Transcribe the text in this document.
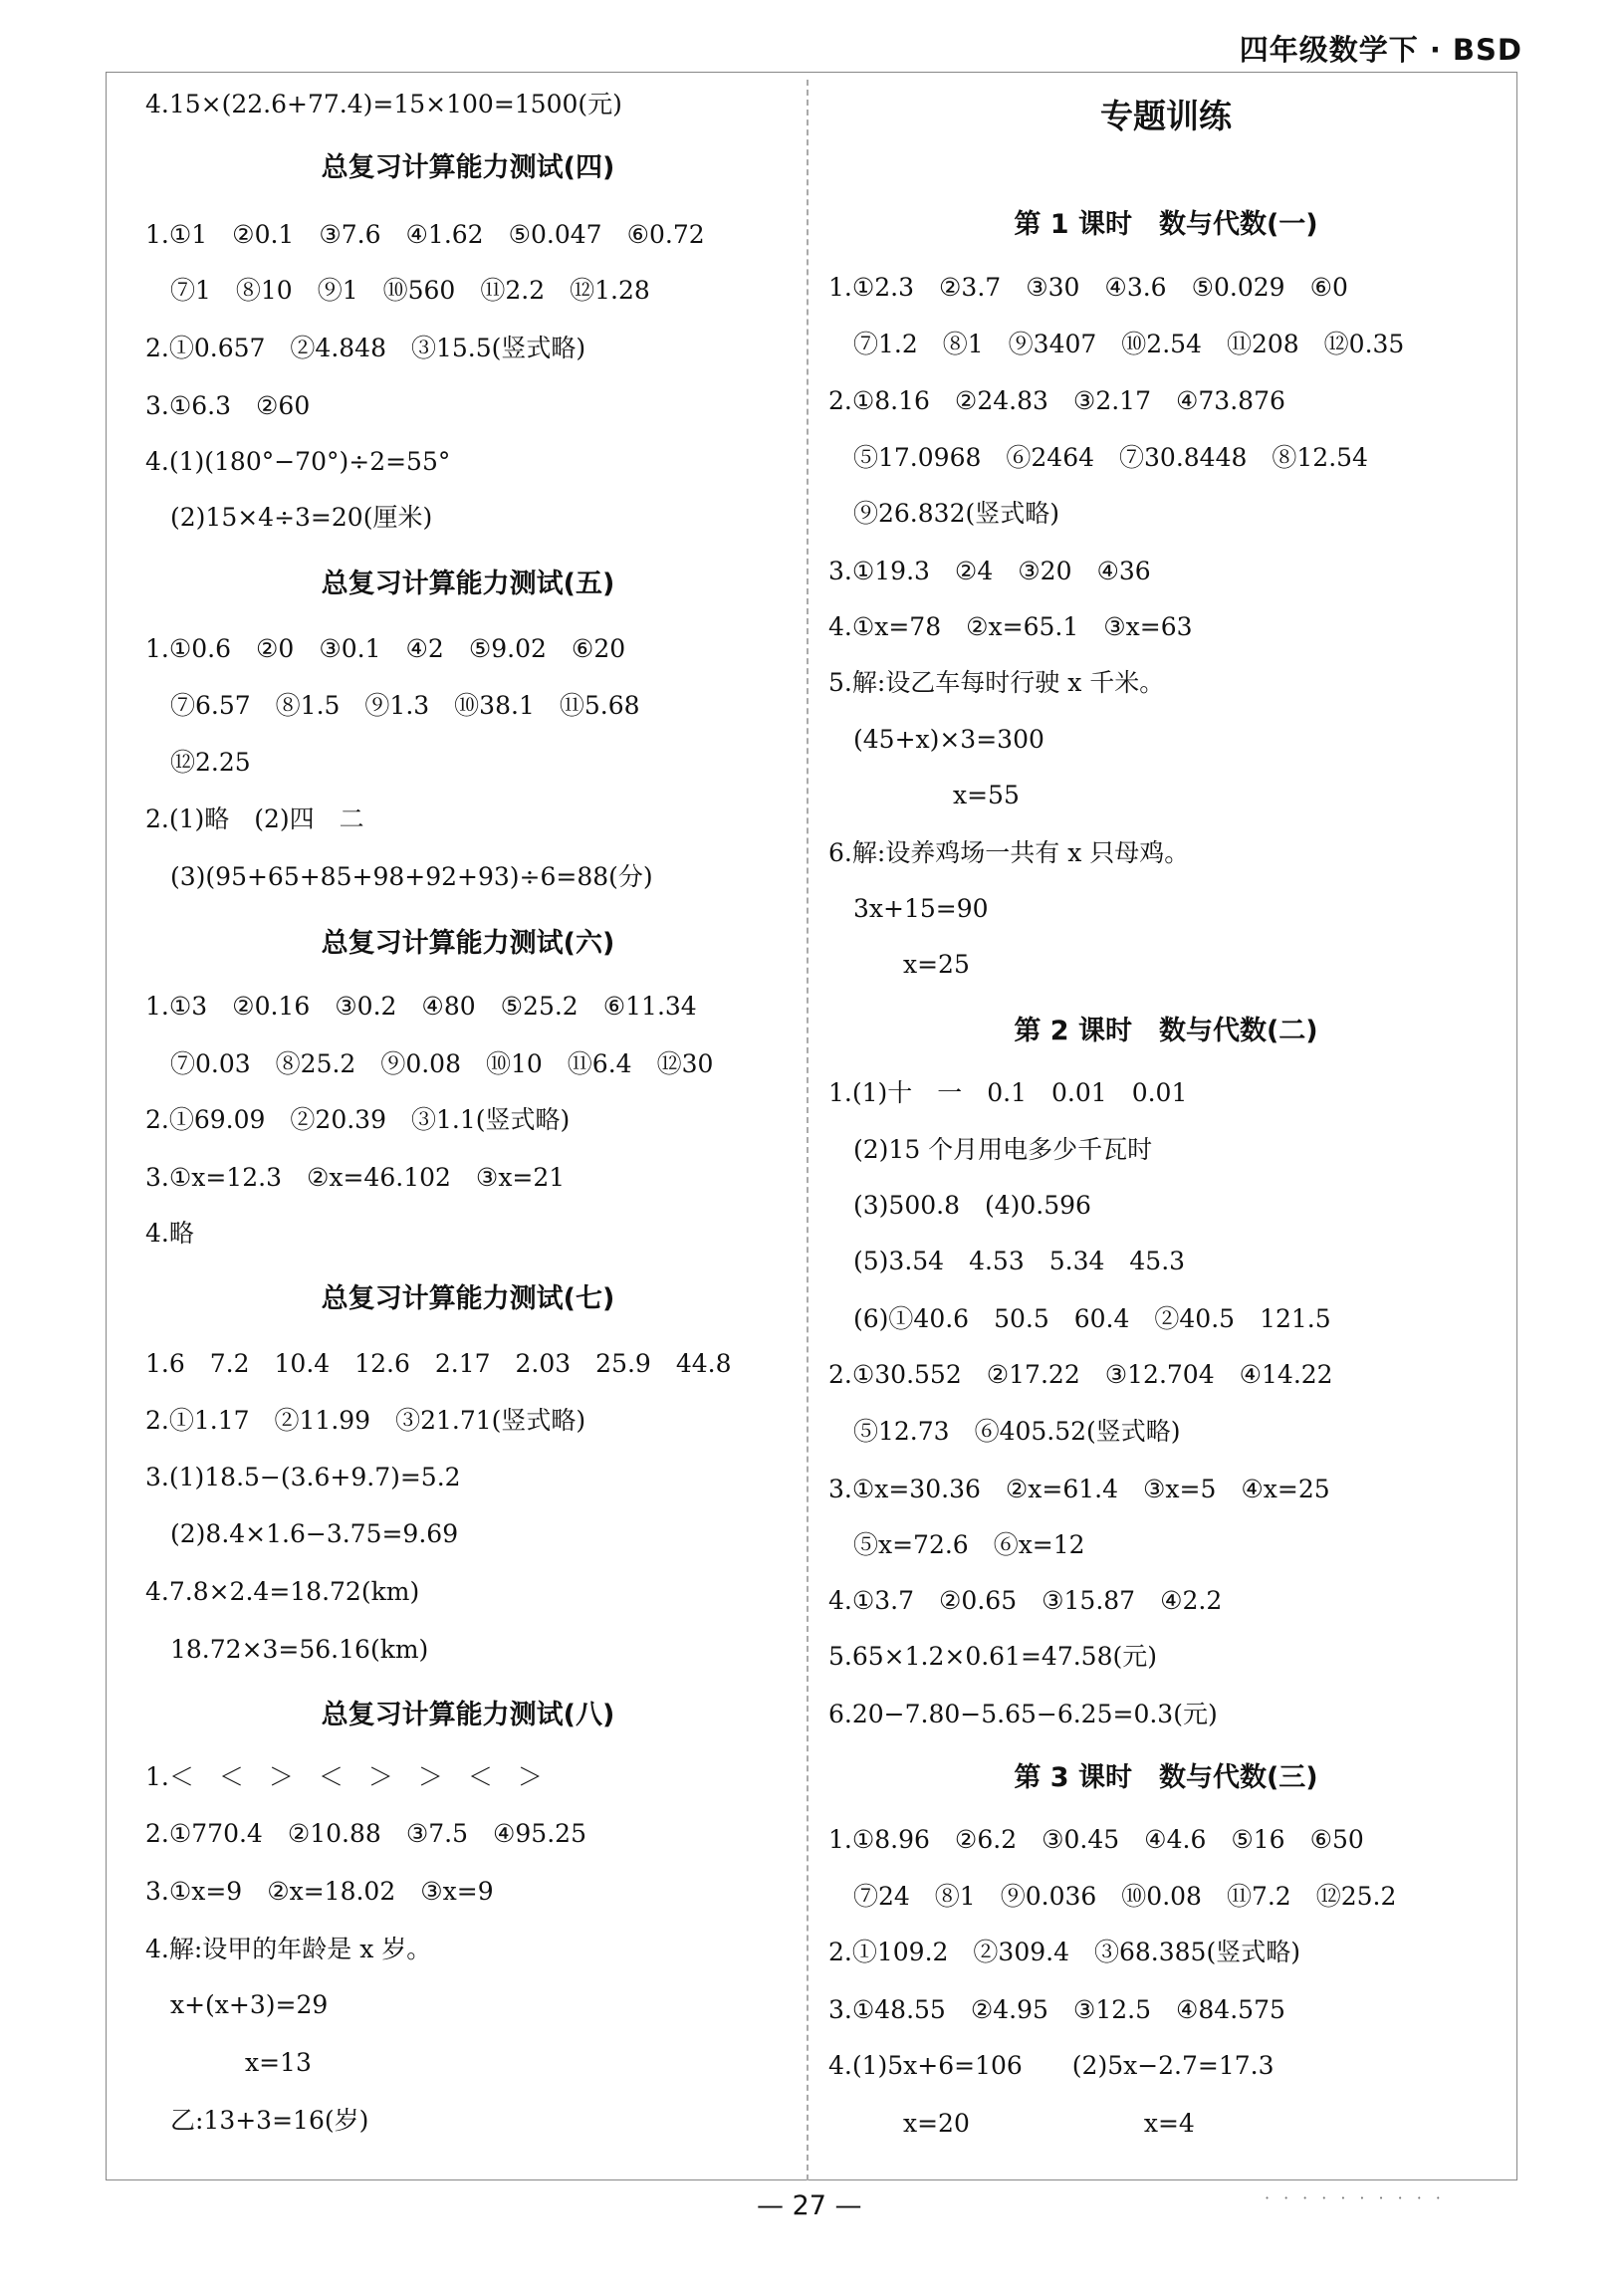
四年级数学下 · BSD
4.15×(22.6+77.4)=15×100=1500(元)
总复习计算能力测试(四)
1.①1　②0.1　③7.6　④1.62　⑤0.047　⑥0.72
　⑦1　⑧10　⑨1　⑩560　⑪2.2　⑫1.28
2.①0.657　②4.848　③15.5(竖式略)
3.①6.3　②60
4.(1)(180°−70°)÷2=55°
　(2)15×4÷3=20(厘米)
总复习计算能力测试(五)
1.①0.6　②0　③0.1　④2　⑤9.02　⑥20
　⑦6.57　⑧1.5　⑨1.3　⑩38.1　⑪5.68
　⑫2.25
2.(1)略　(2)四　二
　(3)(95+65+85+98+92+93)÷6=88(分)
总复习计算能力测试(六)
1.①3　②0.16　③0.2　④80　⑤25.2　⑥11.34
　⑦0.03　⑧25.2　⑨0.08　⑩10　⑪6.4　⑫30
2.①69.09　②20.39　③1.1(竖式略)
3.①x=12.3　②x=46.102　③x=21
4.略
总复习计算能力测试(七)
1.6　7.2　10.4　12.6　2.17　2.03　25.9　44.8
2.①1.17　②11.99　③21.71(竖式略)
3.(1)18.5−(3.6+9.7)=5.2
　(2)8.4×1.6−3.75=9.69
4.7.8×2.4=18.72(km)
　18.72×3=56.16(km)
总复习计算能力测试(八)
1.＜　＜　＞　＜　＞　＞　＜　＞
2.①770.4　②10.88　③7.5　④95.25
3.①x=9　②x=18.02　③x=9
4.解:设甲的年龄是 x 岁。
　x+(x+3)=29
　　　　x=13
　乙:13+3=16(岁)
专题训练
第 1 课时　数与代数(一)
1.①2.3　②3.7　③30　④3.6　⑤0.029　⑥0
　⑦1.2　⑧1　⑨3407　⑩2.54　⑪208　⑫0.35
2.①8.16　②24.83　③2.17　④73.876
　⑤17.0968　⑥2464　⑦30.8448　⑧12.54
　⑨26.832(竖式略)
3.①19.3　②4　③20　④36
4.①x=78　②x=65.1　③x=63
5.解:设乙车每时行驶 x 千米。
　(45+x)×3=300
　　　　　x=55
6.解:设养鸡场一共有 x 只母鸡。
　3x+15=90
　　　x=25
第 2 课时　数与代数(二)
1.(1)十　一　0.1　0.01　0.01
　(2)15 个月用电多少千瓦时
　(3)500.8　(4)0.596
　(5)3.54　4.53　5.34　45.3
　(6)①40.6　50.5　60.4　②40.5　121.5
2.①30.552　②17.22　③12.704　④14.22
　⑤12.73　⑥405.52(竖式略)
3.①x=30.36　②x=61.4　③x=5　④x=25
　⑤x=72.6　⑥x=12
4.①3.7　②0.65　③15.87　④2.2
5.65×1.2×0.61=47.58(元)
6.20−7.80−5.65−6.25=0.3(元)
第 3 课时　数与代数(三)
1.①8.96　②6.2　③0.45　④4.6　⑤16　⑥50
　⑦24　⑧1　⑨0.036　⑩0.08　⑪7.2　⑫25.2
2.①109.2　②309.4　③68.385(竖式略)
3.①48.55　②4.95　③12.5　④84.575
4.(1)5x+6=106　　(2)5x−2.7=17.3
　　　x=20　　　　　　　x=4
— 27 —	··········
